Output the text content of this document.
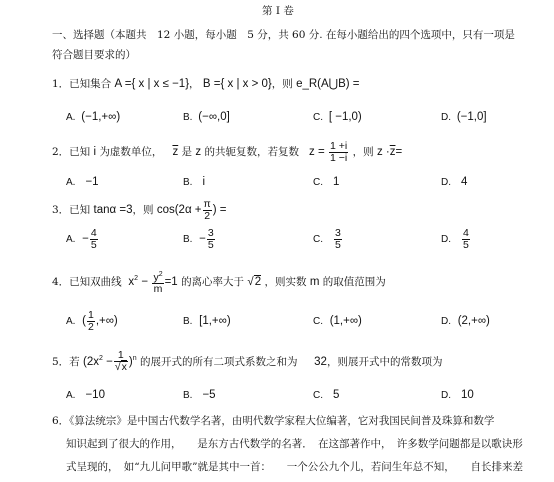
第 I 卷
一、选择题（本题共　12 小题，每小题　5 分，共 60 分. 在每小题给出的四个选项中，只有一项是
符合题目要求的）
1．已知集合 A ={ x | x ≤ −1}， B ={ x | x > 0}，则 e_R(A⋃B) =
A. (−1,+∞)	B. (−∞,0]	C. [ −1,0)	D. (−1,0]
2．已知 i 为虚数单位， $\overline{z}$ 是 z 的共轭复数，若复数 $z = \frac{1 +i}{1 -i}$ ，则 $z \cdot\overline{z}=$
A. −1	B. i	C. 1	D. 4
3．已知 tanα =3，则 $\cos(2\alpha + \frac{\pi}{2}$ ) =
A. − $\frac{4}{5}$	B. − $\frac{3}{5}$	C. $\frac{3}{5}$	D. $\frac{4}{5}$
4．已知双曲线 $x^2 - \frac{y^2}{m} =1$ 的离心率大于 √2 ，则实数 m 的取值范围为
A. ( $\frac{1}{2}$ ,+∞)	B. [1,+∞)	C. (1,+∞)	D. (2,+∞)
5．若 $(2x^2 - \frac{1}{√x} )^n$ 的展开式的所有二项式系数之和为 32，则展开式中的常数项为
A. −10	B. −5	C. 5	D. 10
6．《算法统宗》是中国古代数学名著，由明代数学家程大位编著，它对我国民间普及珠算和数学
知识起到了很大的作用，　　是东方古代数学的名著．　在这部著作中，　许多数学问题都是以歌诀形
式呈现的，　如“九儿问甲歌”就是其中一首：　　一个公公九个儿，若问生年总不知，　　自长排来差
